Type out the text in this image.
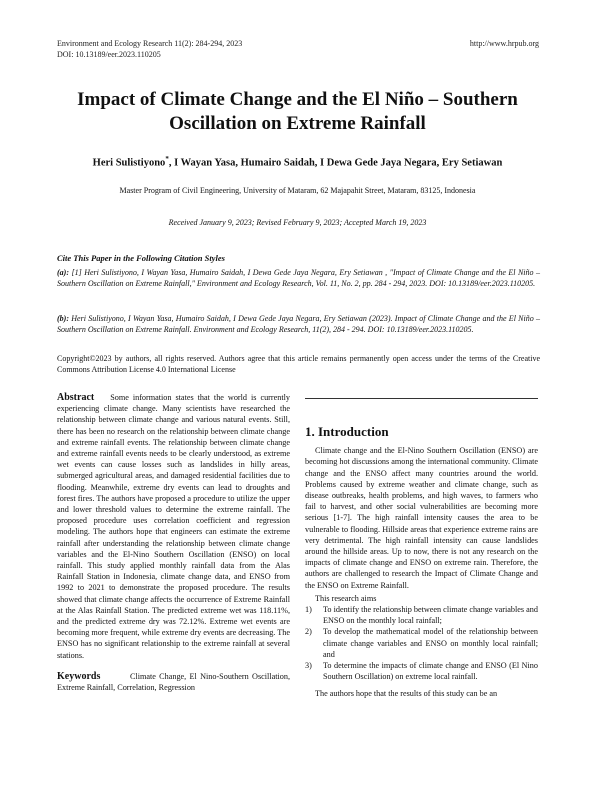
Environment and Ecology Research 11(2): 284-294, 2023
DOI: 10.13189/eer.2023.110205
http://www.hrpub.org
Impact of Climate Change and the El Niño – Southern
Oscillation on Extreme Rainfall
Heri Sulistiyono*, I Wayan Yasa, Humairo Saidah, I Dewa Gede Jaya Negara, Ery Setiawan
Master Program of Civil Engineering, University of Mataram, 62 Majapahit Street, Mataram, 83125, Indonesia
Received January 9, 2023; Revised February 9, 2023; Accepted March 19, 2023
Cite This Paper in the Following Citation Styles
(a): [1] Heri Sulistiyono, I Wayan Yasa, Humairo Saidah, I Dewa Gede Jaya Negara, Ery Setiawan , "Impact of Climate Change and the El Niño – Southern Oscillation on Extreme Rainfall," Environment and Ecology Research, Vol. 11, No. 2, pp. 284 - 294, 2023. DOI: 10.13189/eer.2023.110205.
(b): Heri Sulistiyono, I Wayan Yasa, Humairo Saidah, I Dewa Gede Jaya Negara, Ery Setiawan (2023). Impact of Climate Change and the El Niño – Southern Oscillation on Extreme Rainfall. Environment and Ecology Research, 11(2), 284 - 294. DOI: 10.13189/eer.2023.110205.
Copyright©2023 by authors, all rights reserved. Authors agree that this article remains permanently open access under the terms of the Creative Commons Attribution License 4.0 International License

Abstract Some information states that the world is currently experiencing climate change. Many scientists have researched the relationship between climate change and various natural events. Still, there has been no research on the relationship between climate change and extreme rainfall events. The relationship between climate change and extreme rainfall events needs to be clearly understood, as extreme wet events can cause losses such as landslides in hilly areas, submerged agricultural areas, and damaged residential facilities due to flooding. Meanwhile, extreme dry events can lead to droughts and forest fires. The authors have proposed a procedure to utilize the upper and lower threshold values to determine the extreme rainfall. The proposed procedure uses correlation coefficient and regression modeling. The authors hope that engineers can estimate the extreme rainfall after understanding the relationship between climate change variables and the El-Nino Southern Oscillation (ENSO) on local rainfall. This study applied monthly rainfall data from the Alas Rainfall Station in Indonesia, climate change data, and ENSO from 1992 to 2021 to demonstrate the proposed procedure. The results showed that climate change affects the occurrence of Extreme Rainfall at the Alas Rainfall Station. The predicted extreme wet was 118.11%, and the predicted extreme dry was 72.12%. Extreme wet events are becoming more frequent, while extreme dry events are decreasing. The ENSO has no significant relationship to the extreme rainfall at several stations.

Keywords	Climate Change, El Nino-Southern Oscillation, Extreme Rainfall, Correlation, Regression

1. Introduction

Climate change and the El-Nino Southern Oscillation (ENSO) are becoming hot discussions among the international community. Climate change and the ENSO affect many countries around the world. Problems caused by extreme weather and climate change, such as disease outbreaks, health problems, and high waves, to farmers who fail to harvest, and other social vulnerabilities are becoming more serious [1-7]. The high rainfall intensity causes the area to be vulnerable to flooding. Hillside areas that experience extreme rains are very detrimental. The high rainfall intensity can cause landslides around the hillside areas. Up to now, there is not any research on the impacts of climate change and ENSO on extreme rain. Therefore, the authors are challenged to research the Impact of Climate Change and the ENSO on Extreme Rainfall.

This research aims

1)	To identify the relationship between climate change variables and ENSO on the monthly local rainfall;
2)	To develop the mathematical model of the relationship between climate change variables and ENSO on monthly local rainfall; and
3)	To determine the impacts of climate change and ENSO (El Nino Southern Oscillation) on extreme local rainfall.

The authors hope that the results of this study can be an
